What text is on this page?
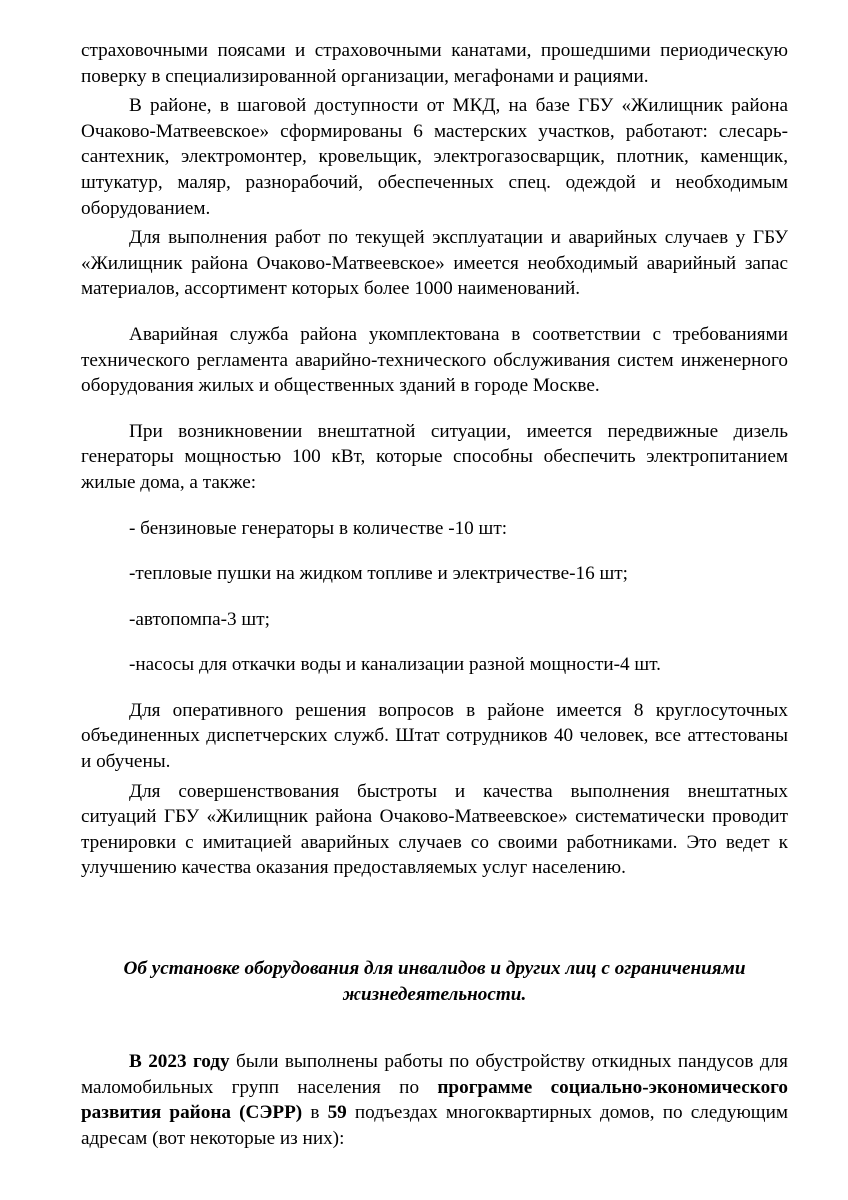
страховочными поясами и страховочными канатами, прошедшими периодическую поверку в специализированной организации, мегафонами и рациями.

В районе, в шаговой доступности от МКД, на базе ГБУ «Жилищник района Очаково-Матвеевское» сформированы 6 мастерских участков, работают: слесарь-сантехник, электромонтер, кровельщик, электрогазосварщик, плотник, каменщик, штукатур, маляр, разнорабочий, обеспеченных спец. одеждой и необходимым оборудованием.

Для выполнения работ по текущей эксплуатации и аварийных случаев у ГБУ «Жилищник района Очаково-Матвеевское» имеется необходимый аварийный запас материалов, ассортимент которых более 1000 наименований.

Аварийная служба района укомплектована в соответствии с требованиями технического регламента аварийно-технического обслуживания систем инженерного оборудования жилых и общественных зданий в городе Москве.

При возникновении внештатной ситуации, имеется передвижные дизель генераторы мощностью 100 кВт, которые способны обеспечить электропитанием жилые дома, а также:

- бензиновые генераторы в количестве -10 шт:

-тепловые пушки на жидком топливе и электричестве-16 шт;

-автопомпа-3 шт;

-насосы для откачки воды и канализации разной мощности-4 шт.

Для оперативного решения вопросов в районе имеется 8 круглосуточных объединенных диспетчерских служб. Штат сотрудников 40 человек, все аттестованы и обучены.

Для совершенствования быстроты и качества выполнения внештатных ситуаций ГБУ «Жилищник района Очаково-Матвеевское» систематически проводит тренировки с имитацией аварийных случаев со своими работниками. Это ведет к улучшению качества оказания предоставляемых услуг населению.

Об установке оборудования для инвалидов и других лиц с ограничениями
жизнедеятельности.

В 2023 году были выполнены работы по обустройству откидных пандусов для маломобильных групп населения по программе социально-экономического развития района (СЭРР) в 59 подъездах многоквартирных домов, по следующим адресам (вот некоторые из них):
